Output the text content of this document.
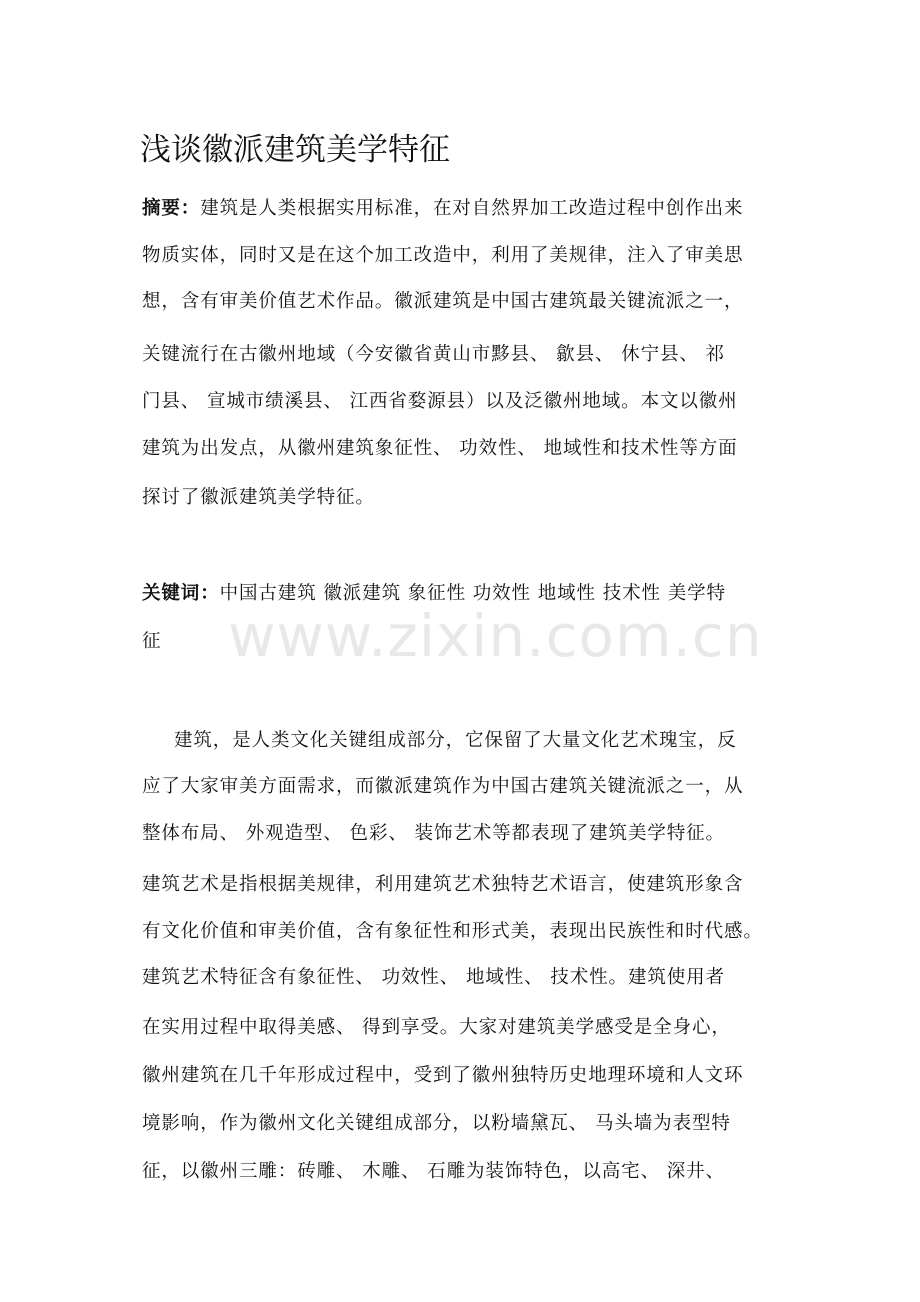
浅谈徽派建筑美学特征
摘要：建筑是人类根据实用标准，在对自然界加工改造过程中创作出来
物质实体，同时又是在这个加工改造中，利用了美规律，注入了审美思
想，含有审美价值艺术作品。徽派建筑是中国古建筑最关键流派之一，
关键流行在古徽州地域（今安徽省黄山市黟县、 歙县、 休宁县、 祁
门县、 宣城市绩溪县、 江西省婺源县）以及泛徽州地域。本文以徽州
建筑为出发点，从徽州建筑象征性、 功效性、 地域性和技术性等方面
探讨了徽派建筑美学特征。
关键词：中国古建筑 徽派建筑 象征性 功效性 地域性 技术性 美学特
征
建筑，是人类文化关键组成部分，它保留了大量文化艺术瑰宝，反
应了大家审美方面需求，而徽派建筑作为中国古建筑关键流派之一，从
整体布局、 外观造型、 色彩、 装饰艺术等都表现了建筑美学特征。
建筑艺术是指根据美规律，利用建筑艺术独特艺术语言，使建筑形象含
有文化价值和审美价值，含有象征性和形式美，表现出民族性和时代感。
建筑艺术特征含有象征性、 功效性、 地域性、 技术性。建筑使用者
在实用过程中取得美感、 得到享受。大家对建筑美学感受是全身心，
徽州建筑在几千年形成过程中，受到了徽州独特历史地理环境和人文环
境影响，作为徽州文化关键组成部分，以粉墙黛瓦、 马头墙为表型特
征，以徽州三雕：砖雕、 木雕、 石雕为装饰特色，以高宅、 深井、
www.zixin.com.cn
